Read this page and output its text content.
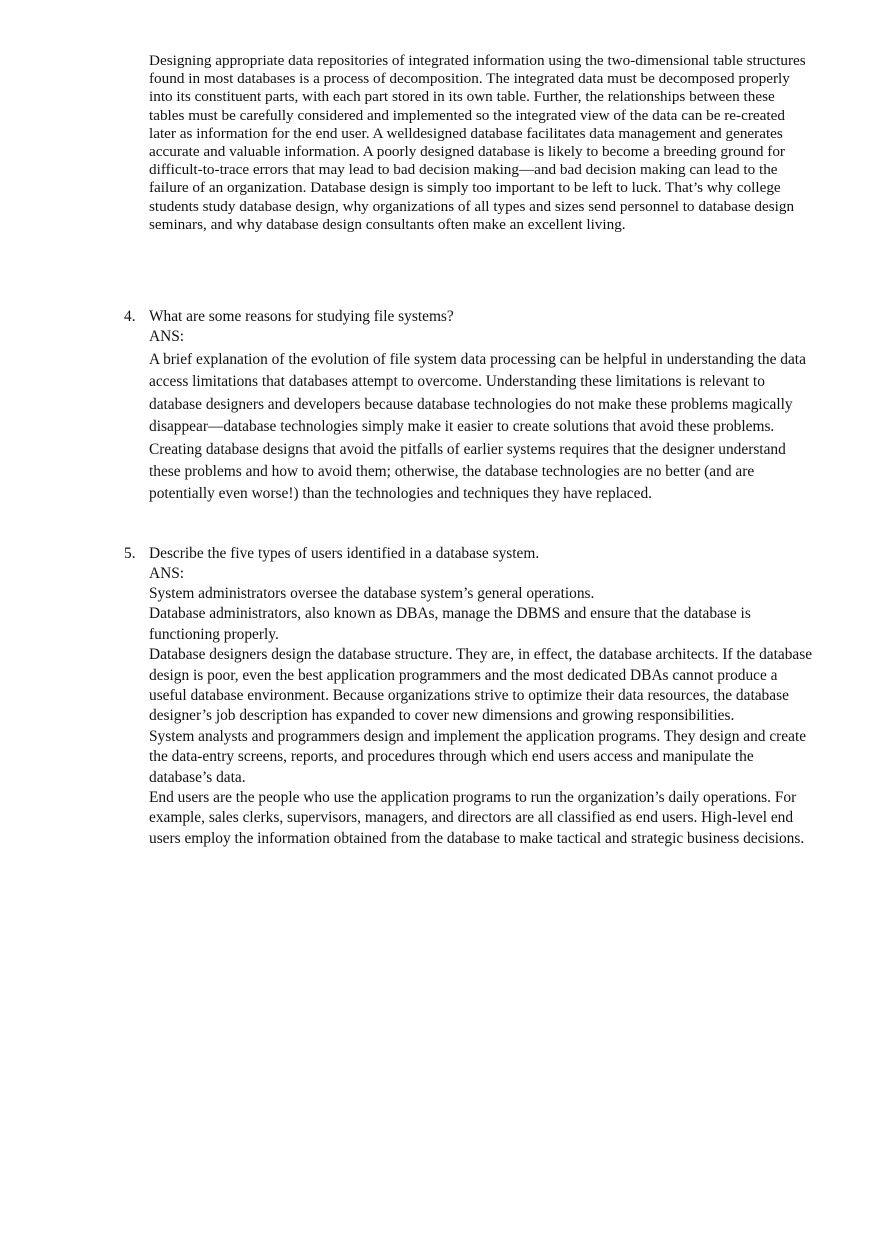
Designing appropriate data repositories of integrated information using the two-dimensional table structures found in most databases is a process of decomposition. The integrated data must be decomposed properly into its constituent parts, with each part stored in its own table. Further, the relationships between these tables must be carefully considered and implemented so the integrated view of the data can be re-created later as information for the end user. A welldesigned database facilitates data management and generates accurate and valuable information. A poorly designed database is likely to become a breeding ground for difficult-to-trace errors that may lead to bad decision making—and bad decision making can lead to the failure of an organization. Database design is simply too important to be left to luck. That’s why college students study database design, why organizations of all types and sizes send personnel to database design seminars, and why database design consultants often make an excellent living.

4. What are some reasons for studying file systems?
ANS:
A brief explanation of the evolution of file system data processing can be helpful in understanding the data access limitations that databases attempt to overcome. Understanding these limitations is relevant to database designers and developers because database technologies do not make these problems magically disappear—database technologies simply make it easier to create solutions that avoid these problems. Creating database designs that avoid the pitfalls of earlier systems requires that the designer understand these problems and how to avoid them; otherwise, the database technologies are no better (and are potentially even worse!) than the technologies and techniques they have replaced.
5. Describe the five types of users identified in a database system.
ANS:
System administrators oversee the database system’s general operations.
Database administrators, also known as DBAs, manage the DBMS and ensure that the database is functioning properly.
Database designers design the database structure. They are, in effect, the database architects. If the database design is poor, even the best application programmers and the most dedicated DBAs cannot produce a useful database environment. Because organizations strive to optimize their data resources, the database designer’s job description has expanded to cover new dimensions and growing responsibilities.
System analysts and programmers design and implement the application programs. They design and create the data-entry screens, reports, and procedures through which end users access and manipulate the database’s data.
End users are the people who use the application programs to run the organization’s daily operations. For example, sales clerks, supervisors, managers, and directors are all classified as end users. High-level end users employ the information obtained from the database to make tactical and strategic business decisions.
